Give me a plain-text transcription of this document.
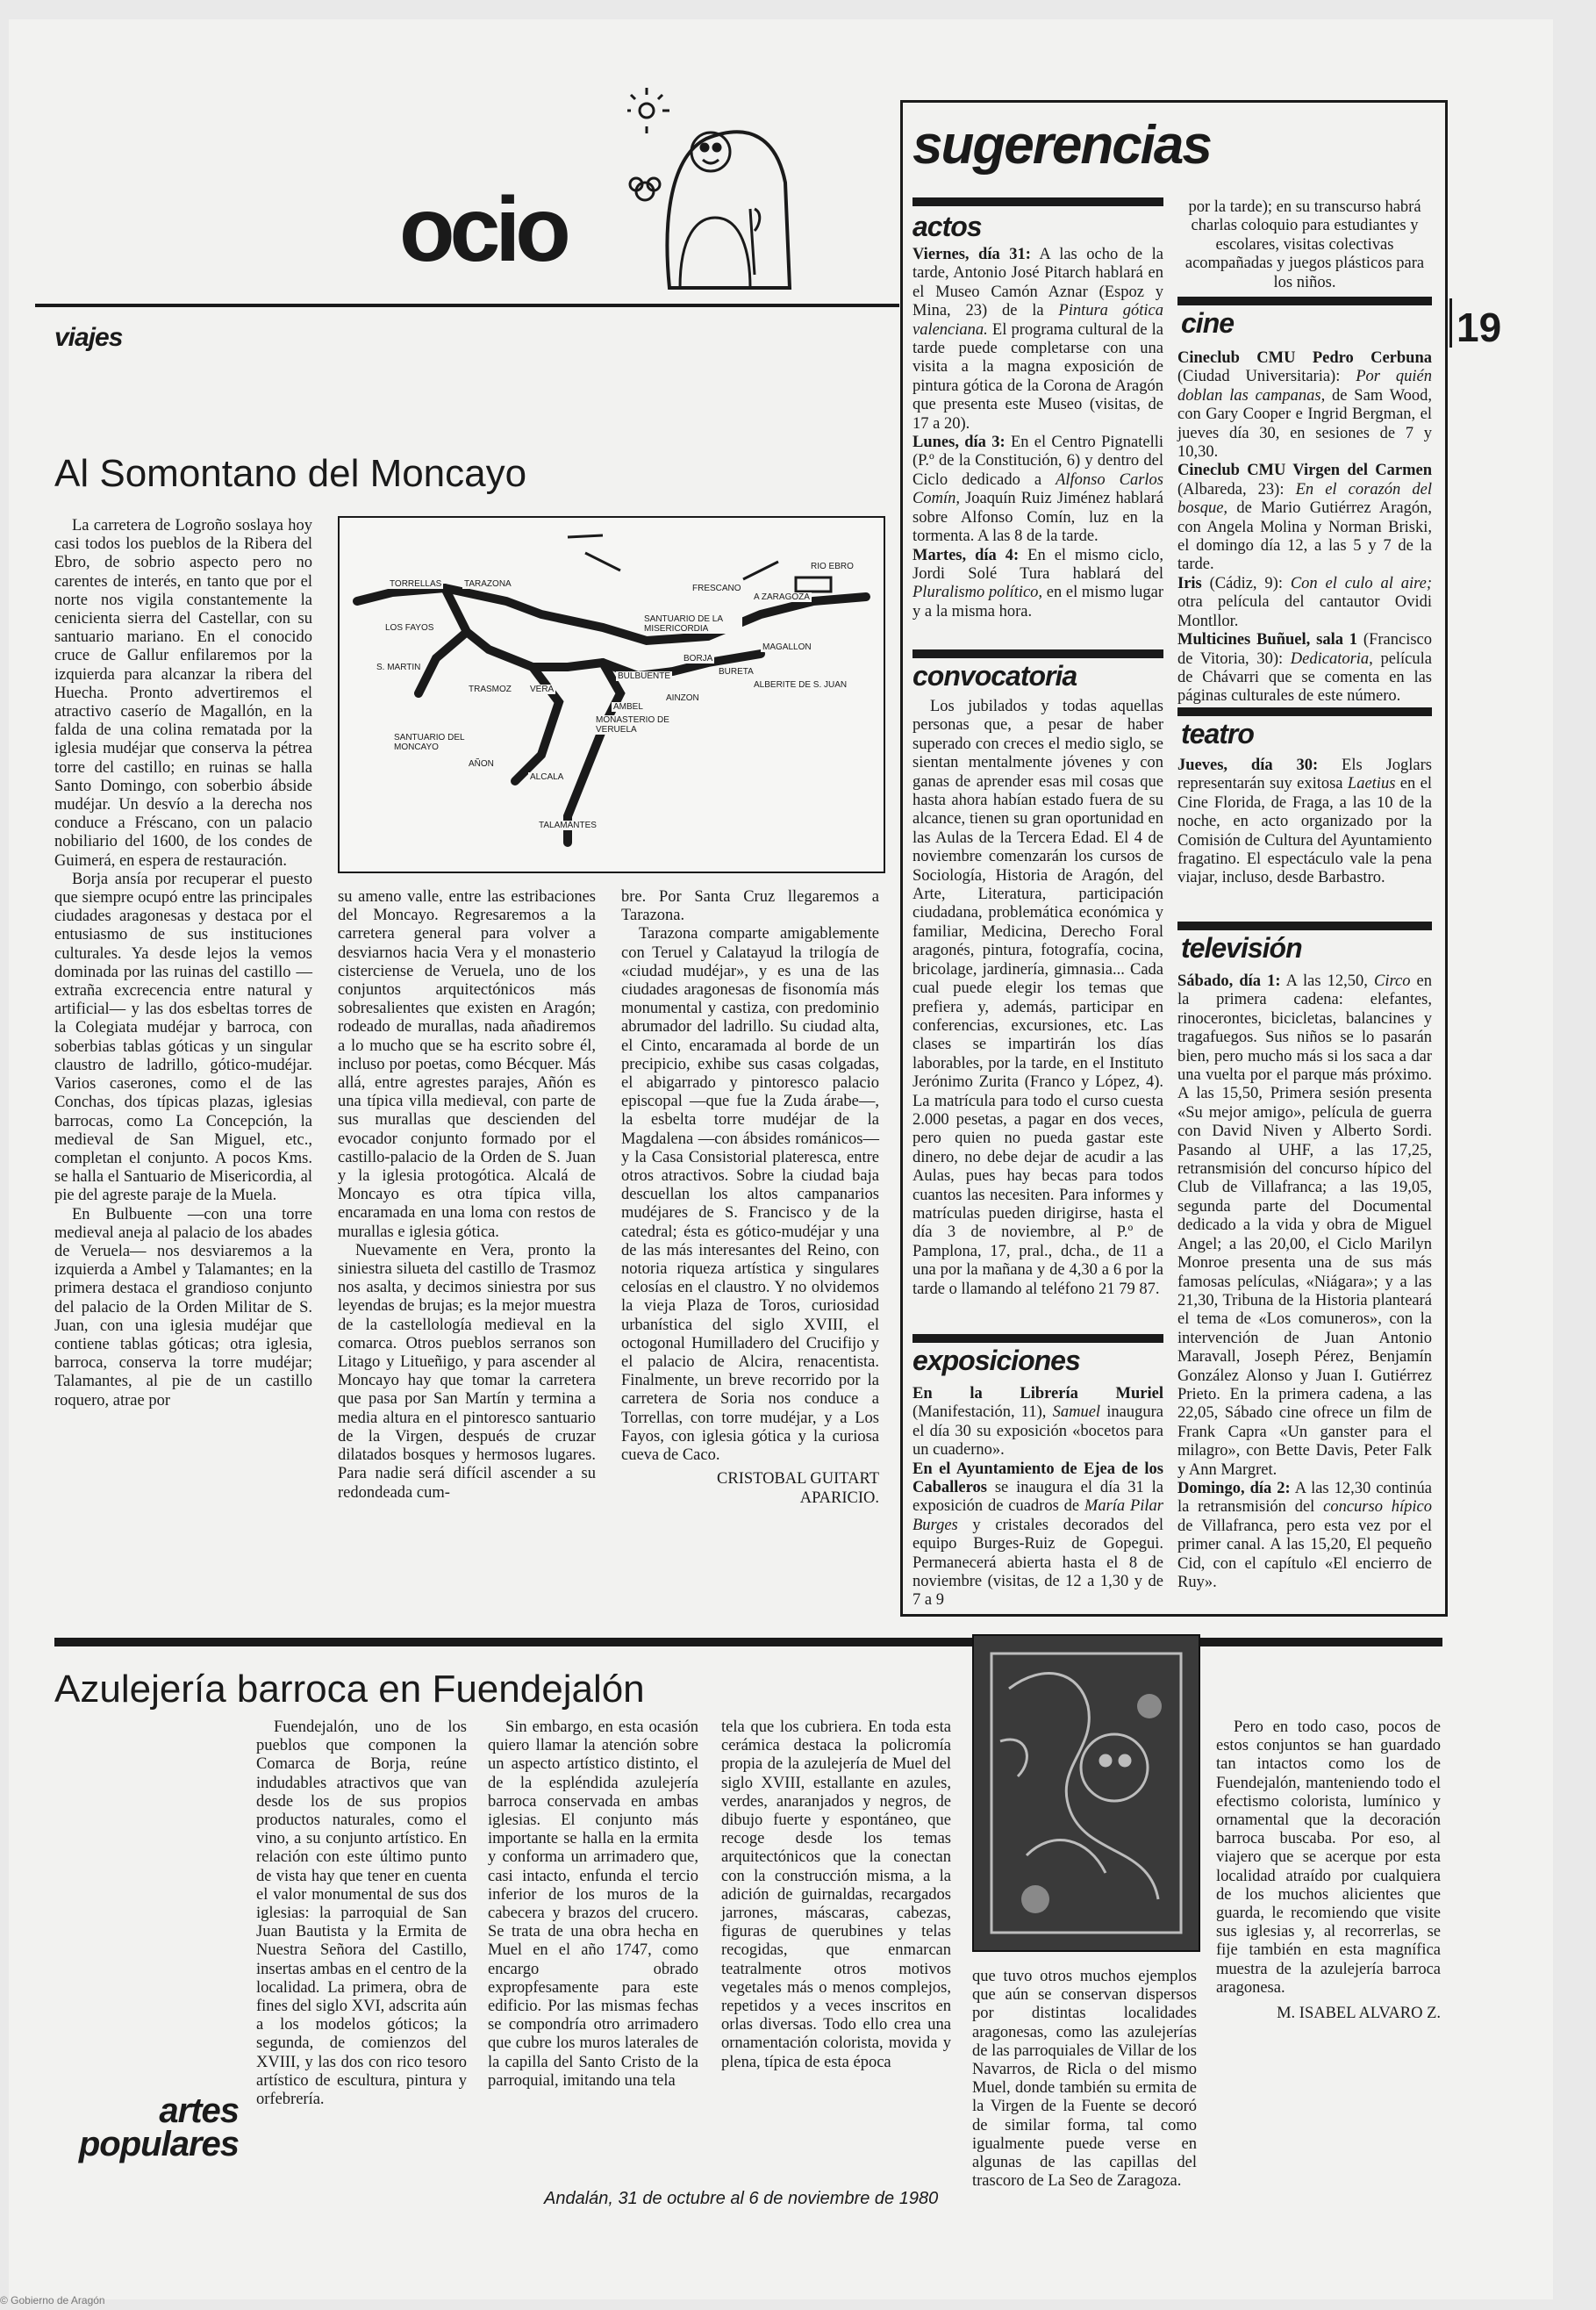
ocio
viajes	19
Al Somontano del Moncayo

La carretera de Logroño soslaya hoy casi todos los pueblos de la Ribera del Ebro, de sobrio aspecto pero no carentes de interés, en tanto que por el norte nos vigila constantemente la cenicienta sierra del Castellar, con su santuario mariano. En el conocido cruce de Gallur enfilaremos por la izquierda para alcanzar la ribera del Huecha. Pronto advertiremos el atractivo caserío de Magallón, en la falda de una colina rematada por la iglesia mudéjar que conserva la pétrea torre del castillo; en ruinas se halla Santo Domingo, con soberbio ábside mudéjar. Un desvío a la derecha nos conduce a Fréscano, con un palacio nobiliario del 1600, de los condes de Guimerá, en espera de restauración.

Borja ansía por recuperar el puesto que siempre ocupó entre las principales ciudades aragonesas y destaca por el entusiasmo de sus instituciones culturales. Ya desde lejos la vemos dominada por las ruinas del castillo —extraña excrecencia entre natural y artificial— y las dos esbeltas torres de la Colegiata mudéjar y barroca, con soberbias tablas góticas y un singular claustro de ladrillo, gótico-mudéjar. Varios caserones, como el de las Conchas, dos típicas plazas, iglesias barrocas, como La Concepción, la medieval de San Miguel, etc., completan el conjunto. A pocos Kms. se halla el Santuario de Misericordia, al pie del agreste paraje de la Muela.

En Bulbuente —con una torre medieval aneja al palacio de los abades de Veruela— nos desviaremos a la izquierda a Ambel y Talamantes; en la primera destaca el grandioso conjunto del palacio de la Orden Militar de S. Juan, con una iglesia mudéjar que contiene tablas góticas; otra iglesia, barroca, conserva la torre mudéjar; Talamantes, al pie de un castillo roquero, atrae por

TORRELLAS	TARAZONA
LOS FAYOS
S. MARTIN
TRASMOZ VERA
SANTUARIO DEL MONCAYO
MONASTERIO DE VERUELA
AÑON
ALCALA
TALAMANTES
AMBEL
BULBUENTE
AINZON
BORJA
BURETA
SANTUARIO DE LA MISERICORDIA
FRESCANO
MAGALLON
A ZARAGOZA
RIO EBRO
ALBERITE DE S. JUAN

su ameno valle, entre las estribaciones del Moncayo. Regresaremos a la carretera general para volver a desviarnos hacia Vera y el monasterio cisterciense de Veruela, uno de los conjuntos arquitectónicos más sobresalientes que existen en Aragón; rodeado de murallas, nada añadiremos a lo mucho que se ha escrito sobre él, incluso por poetas, como Bécquer. Más allá, entre agrestes parajes, Añón es una típica villa medieval, con parte de sus murallas que descienden del evocador conjunto formado por el castillo-palacio de la Orden de S. Juan y la iglesia protogótica. Alcalá de Moncayo es otra típica villa, encaramada en una loma con restos de murallas e iglesia gótica.

Nuevamente en Vera, pronto la siniestra silueta del castillo de Trasmoz nos asalta, y decimos siniestra por sus leyendas de brujas; es la mejor muestra de la castellología medieval en la comarca. Otros pueblos serranos son Litago y Litueñigo, y para ascender al Moncayo hay que tomar la carretera que pasa por San Martín y termina a media altura en el pintoresco santuario de la Virgen, después de cruzar dilatados bosques y hermosos lugares. Para nadie será difícil ascender a su redondeada cum-

bre. Por Santa Cruz llegaremos a Tarazona.

Tarazona comparte amigablemente con Teruel y Calatayud la trilogía de «ciudad mudéjar», y es una de las ciudades aragonesas de fisonomía más monumental y castiza, con predominio abrumador del ladrillo. Su ciudad alta, el Cinto, encaramada al borde de un precipicio, exhibe sus casas colgadas, el abigarrado y pintoresco palacio episcopal —que fue la Zuda árabe—, la esbelta torre mudéjar de la Magdalena —con ábsides románicos— y la Casa Consistorial plateresca, entre otros atractivos. Sobre la ciudad baja descuellan los altos campanarios mudéjares de S. Francisco y de la catedral; ésta es gótico-mudéjar y una de las más interesantes del Reino, con notoria riqueza artística y singulares celosías en el claustro. Y no olvidemos la vieja Plaza de Toros, curiosidad urbanística del siglo XVIII, el octogonal Humilladero del Crucifijo y el palacio de Alcira, renacentista. Finalmente, un breve recorrido por la carretera de Soria nos conduce a Torrellas, con torre mudéjar, y a Los Fayos, con iglesia gótica y la curiosa cueva de Caco.

CRISTOBAL GUITART
APARICIO.
sugerencias
actos

Viernes, día 31: A las ocho de la tarde, Antonio José Pitarch hablará en el Museo Camón Aznar (Espoz y Mina, 23) de la Pintura gótica valenciana. El programa cultural de la tarde puede completarse con una visita a la magna exposición de pintura gótica de la Corona de Aragón que presenta este Museo (visitas, de 17 a 20).

Lunes, día 3: En el Centro Pignatelli (P.º de la Constitución, 6) y dentro del Ciclo dedicado a Alfonso Carlos Comín, Joaquín Ruiz Jiménez hablará sobre Alfonso Comín, luz en la tormenta. A las 8 de la tarde.

Martes, día 4: En el mismo ciclo, Jordi Solé Tura hablará del Pluralismo político, en el mismo lugar y a la misma hora.

convocatoria

Los jubilados y todas aquellas personas que, a pesar de haber superado con creces el medio siglo, se sientan mentalmente jóvenes y con ganas de aprender esas mil cosas que hasta ahora habían estado fuera de su alcance, tienen su gran oportunidad en las Aulas de la Tercera Edad. El 4 de noviembre comenzarán los cursos de Sociología, Historia de Aragón, del Arte, Literatura, participación ciudadana, problemática económica y familiar, Medicina, Derecho Foral aragonés, pintura, fotografía, cocina, bricolage, jardinería, gimnasia... Cada cual puede elegir los temas que prefiera y, además, participar en conferencias, excursiones, etc. Las clases se impartirán los días laborables, por la tarde, en el Instituto Jerónimo Zurita (Franco y López, 4). La matrícula para todo el curso cuesta 2.000 pesetas, a pagar en dos veces, pero quien no pueda gastar este dinero, no debe dejar de acudir a las Aulas, pues hay becas para todos cuantos las necesiten. Para informes y matrículas pueden dirigirse, hasta el día 3 de noviembre, al P.º de Pamplona, 17, pral., dcha., de 11 a una por la mañana y de 4,30 a 6 por la tarde o llamando al teléfono 21 79 87.

exposiciones

En la Librería Muriel (Manifestación, 11), Samuel inaugura el día 30 su exposición «bocetos para un cuaderno».

En el Ayuntamiento de Ejea de los Caballeros se inaugura el día 31 la exposición de cuadros de María Pilar Burges y cristales decorados del equipo Burges-Ruiz de Gopegui. Permanecerá abierta hasta el 8 de noviembre (visitas, de 12 a 1,30 y de 7 a 9

por la tarde); en su transcurso habrá charlas coloquio para estudiantes y escolares, visitas colectivas acompañadas y juegos plásticos para los niños.

cine

Cineclub CMU Pedro Cerbuna (Ciudad Universitaria): Por quién doblan las campanas, de Sam Wood, con Gary Cooper e Ingrid Bergman, el jueves día 30, en sesiones de 7 y 10,30.

Cineclub CMU Virgen del Carmen (Albareda, 23): En el corazón del bosque, de Mario Gutiérrez Aragón, con Angela Molina y Norman Briski, el domingo día 12, a las 5 y 7 de la tarde.

Iris (Cádiz, 9): Con el culo al aire; otra película del cantautor Ovidi Montllor.

Multicines Buñuel, sala 1 (Francisco de Vitoria, 30): Dedicatoria, película de Chávarri que se comenta en las páginas culturales de este número.

teatro

Jueves, día 30: Els Joglars representarán suy exitosa Laetius en el Cine Florida, de Fraga, a las 10 de la noche, en acto organizado por la Comisión de Cultura del Ayuntamiento fragatino. El espectáculo vale la pena viajar, incluso, desde Barbastro.

televisión

Sábado, día 1: A las 12,50, Circo en la primera cadena: elefantes, rinocerontes, bicicletas, balancines y tragafuegos. Sus niños se lo pasarán bien, pero mucho más si los saca a dar una vuelta por el parque más próximo. A las 15,50, Primera sesión presenta «Su mejor amigo», película de guerra con David Niven y Alberto Sordi. Pasando al UHF, a las 17,25, retransmisión del concurso hípico del Club de Villafranca; a las 19,05, segunda parte del Documental dedicado a la vida y obra de Miguel Angel; a las 20,00, el Ciclo Marilyn Monroe presenta una de sus más famosas películas, «Niágara»; y a las 21,30, Tribuna de la Historia planteará el tema de «Los comuneros», con la intervención de Juan Antonio Maravall, Joseph Pérez, Benjamín González Alonso y Juan I. Gutiérrez Prieto. En la primera cadena, a las 22,05, Sábado cine ofrece un film de Frank Capra «Un ganster para el milagro», con Bette Davis, Peter Falk y Ann Margret.

Domingo, día 2: A las 12,30 continúa la retransmisión del concurso hípico de Villafranca, pero esta vez por el primer canal. A las 15,20, El pequeño Cid, con el capítulo «El encierro de Ruy».

Azulejería barroca en Fuendejalón

Fuendejalón, uno de los pueblos que componen la Comarca de Borja, reúne indudables atractivos que van desde los de sus propios productos naturales, como el vino, a su conjunto artístico. En relación con este último punto de vista hay que tener en cuenta el valor monumental de sus dos iglesias: la parroquial de San Juan Bautista y la Ermita de Nuestra Señora del Castillo, insertas ambas en el centro de la localidad. La primera, obra de fines del siglo XVI, adscrita aún a los modelos góticos; la segunda, de comienzos del XVIII, y las dos con rico tesoro artístico de escultura, pintura y orfebrería.

Sin embargo, en esta ocasión quiero llamar la atención sobre un aspecto artístico distinto, el de la espléndida azulejería barroca conservada en ambas iglesias. El conjunto más importante se halla en la ermita y conforma un arrimadero que, casi intacto, enfunda el tercio inferior de los muros de la cabecera y brazos del crucero. Se trata de una obra hecha en Muel en el año 1747, como encargo obrado expropfesamente para este edificio. Por las mismas fechas se compondría otro arrimadero que cubre los muros laterales de la capilla del Santo Cristo de la parroquial, imitando una tela

tela que los cubriera. En toda esta cerámica destaca la policromía propia de la azulejería de Muel del siglo XVIII, estallante en azules, verdes, anaranjados y negros, de dibujo fuerte y espontáneo, que recoge desde los temas arquitectónicos que la conectan con la construcción misma, a la adición de guirnaldas, recargados jarrones, máscaras, cabezas, figuras de querubines y telas recogidas, que enmarcan teatralmente otros motivos vegetales más o menos complejos, repetidos y a veces inscritos en orlas diversas. Todo ello crea una ornamentación colorista, movida y plena, típica de esta época

que tuvo otros muchos ejemplos que aún se conservan dispersos por distintas localidades aragonesas, como las azulejerías de las parroquiales de Villar de los Navarros, de Ricla o del mismo Muel, donde también su ermita de la Virgen de la Fuente se decoró de similar forma, tal como igualmente puede verse en algunas de las capillas del trascoro de La Seo de Zaragoza.

Pero en todo caso, pocos de estos conjuntos se han guardado tan intactos como los de Fuendejalón, manteniendo todo el efectismo colorista, lumínico y ornamental que la decoración barroca buscaba. Por eso, al viajero que se acerque por esta localidad atraído por cualquiera de los muchos alicientes que guarda, le recomiendo que visite sus iglesias y, al recorrerlas, se fije también en esta magnífica muestra de la azulejería barroca aragonesa.

M. ISABEL ALVARO Z.
artes
populares
Andalán, 31 de octubre al 6 de noviembre de 1980
© Gobierno de Aragón
